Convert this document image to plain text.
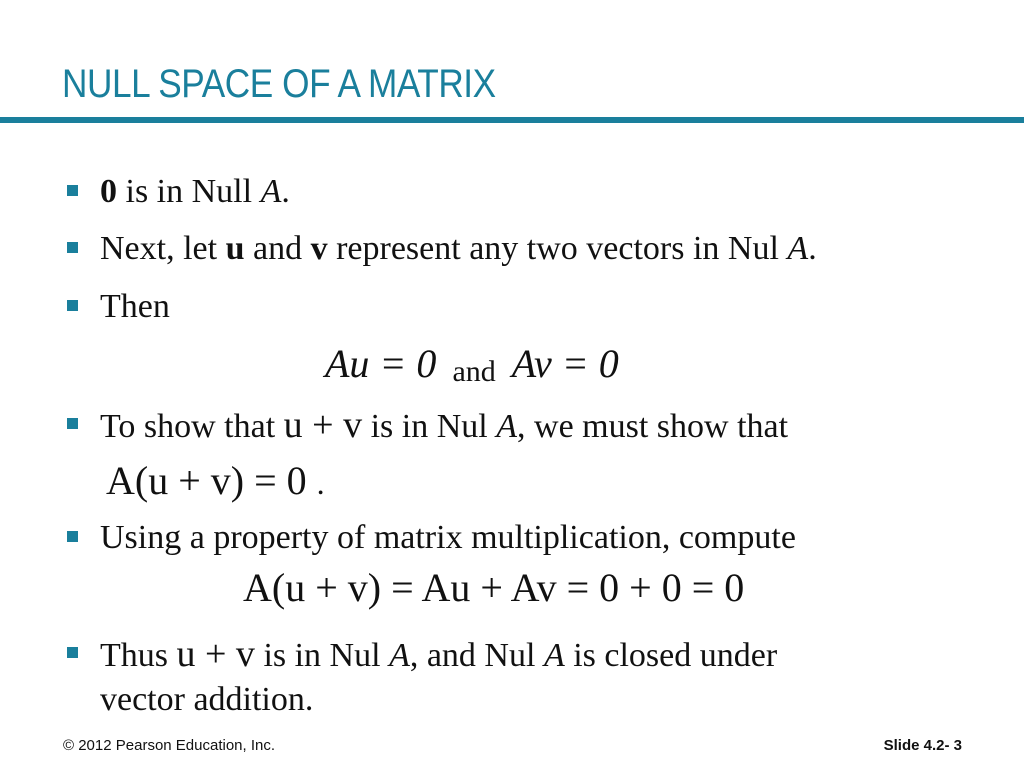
NULL SPACE OF A MATRIX
0 is in Null A.
Next, let u and v represent any two vectors in Nul A.
Then
Au = 0 and Av = 0
To show that u + v is in Nul A, we must show that
A(u + v) = 0 .
Using a property of matrix multiplication, compute
A(u + v) = Au + Av = 0 + 0 = 0
Thus u + v is in Nul A, and Nul A is closed under
vector addition.
© 2012 Pearson Education, Inc.	Slide 4.2- 3
